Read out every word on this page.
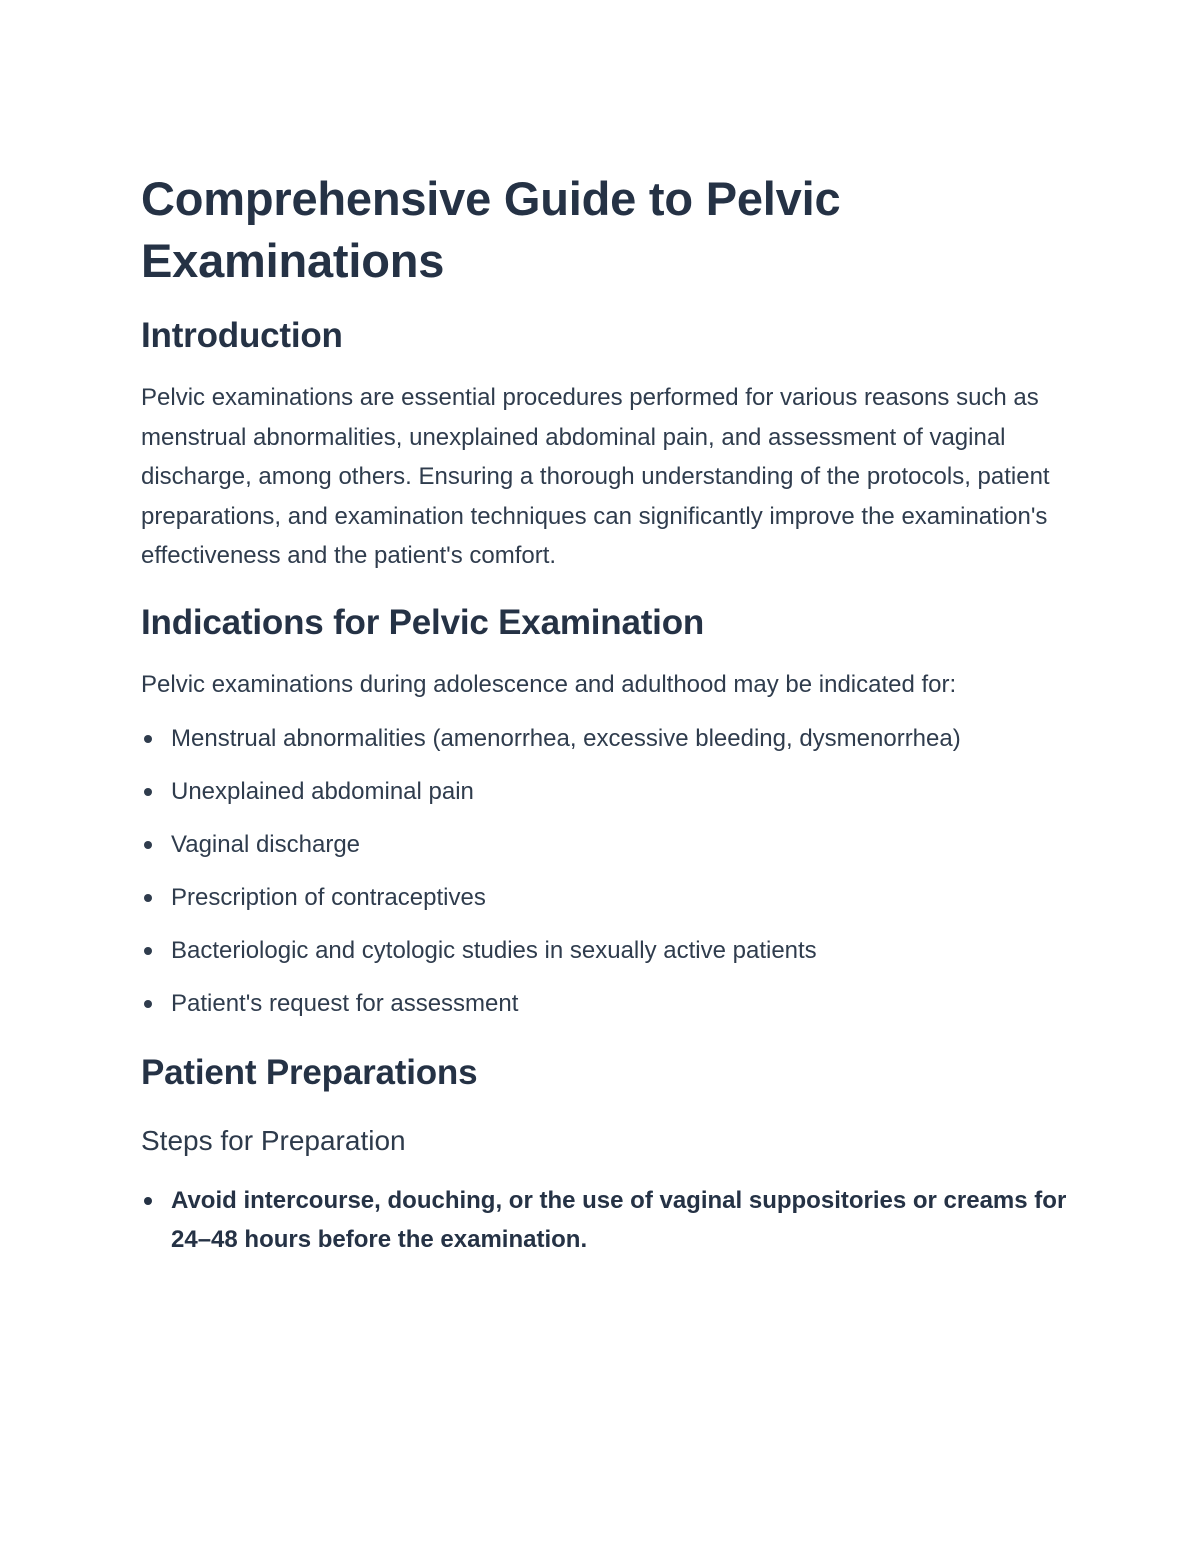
Comprehensive Guide to Pelvic Examinations
Introduction

Pelvic examinations are essential procedures performed for various reasons such as menstrual abnormalities, unexplained abdominal pain, and assessment of vaginal discharge, among others. Ensuring a thorough understanding of the protocols, patient preparations, and examination techniques can significantly improve the examination's effectiveness and the patient's comfort.

Indications for Pelvic Examination

Pelvic examinations during adolescence and adulthood may be indicated for:

Menstrual abnormalities (amenorrhea, excessive bleeding, dysmenorrhea)
Unexplained abdominal pain
Vaginal discharge
Prescription of contraceptives
Bacteriologic and cytologic studies in sexually active patients
Patient's request for assessment
Patient Preparations
Steps for Preparation
Avoid intercourse, douching, or the use of vaginal suppositories or creams for 24–48 hours before the examination.
